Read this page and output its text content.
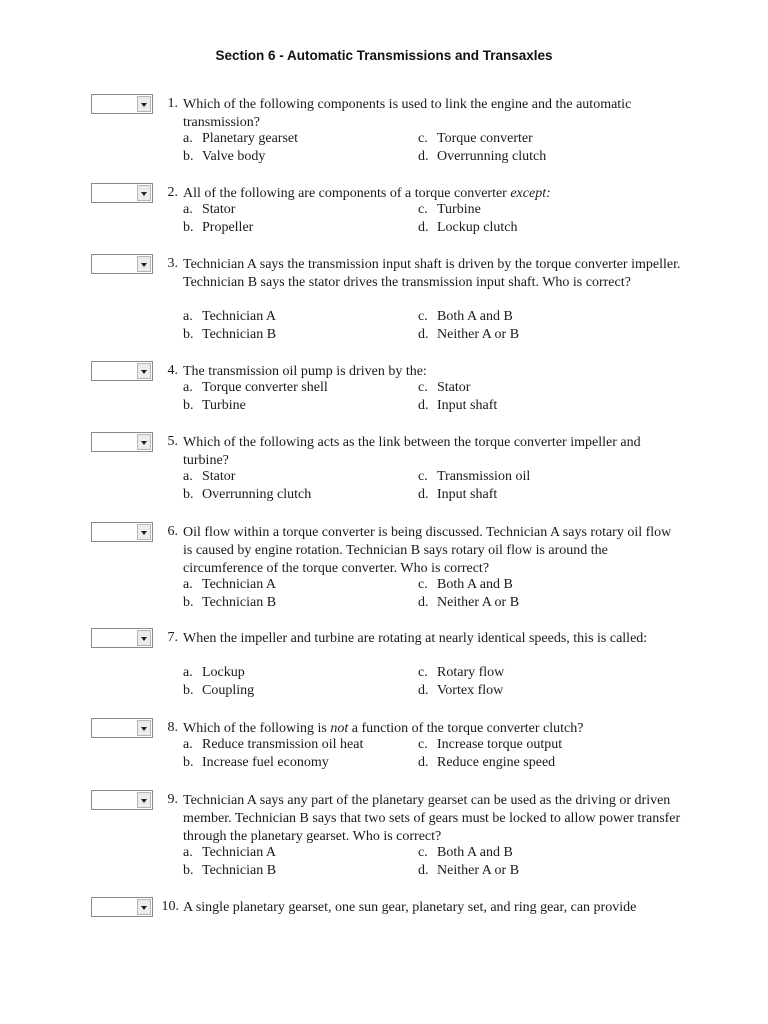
Section 6 - Automatic Transmissions and Transaxles
1. Which of the following components is used to link the engine and the automatic transmission?
a. Planetary gearset
b. Valve body
c. Torque converter
d. Overrunning clutch
2. All of the following are components of a torque converter except:
a. Stator
b. Propeller
c. Turbine
d. Lockup clutch
3. Technician A says the transmission input shaft is driven by the torque converter impeller. Technician B says the stator drives the transmission input shaft. Who is correct?
a. Technician A
b. Technician B
c. Both A and B
d. Neither A or B
4. The transmission oil pump is driven by the:
a. Torque converter shell
b. Turbine
c. Stator
d. Input shaft
5. Which of the following acts as the link between the torque converter impeller and turbine?
a. Stator
b. Overrunning clutch
c. Transmission oil
d. Input shaft
6. Oil flow within a torque converter is being discussed. Technician A says rotary oil flow is caused by engine rotation. Technician B says rotary oil flow is around the circumference of the torque converter. Who is correct?
a. Technician A
b. Technician B
c. Both A and B
d. Neither A or B
7. When the impeller and turbine are rotating at nearly identical speeds, this is called:
a. Lockup
b. Coupling
c. Rotary flow
d. Vortex flow
8. Which of the following is not a function of the torque converter clutch?
a. Reduce transmission oil heat
b. Increase fuel economy
c. Increase torque output
d. Reduce engine speed
9. Technician A says any part of the planetary gearset can be used as the driving or driven member. Technician B says that two sets of gears must be locked to allow power transfer through the planetary gearset. Who is correct?
a. Technician A
b. Technician B
c. Both A and B
d. Neither A or B
10. A single planetary gearset, one sun gear, planetary set, and ring gear, can provide
